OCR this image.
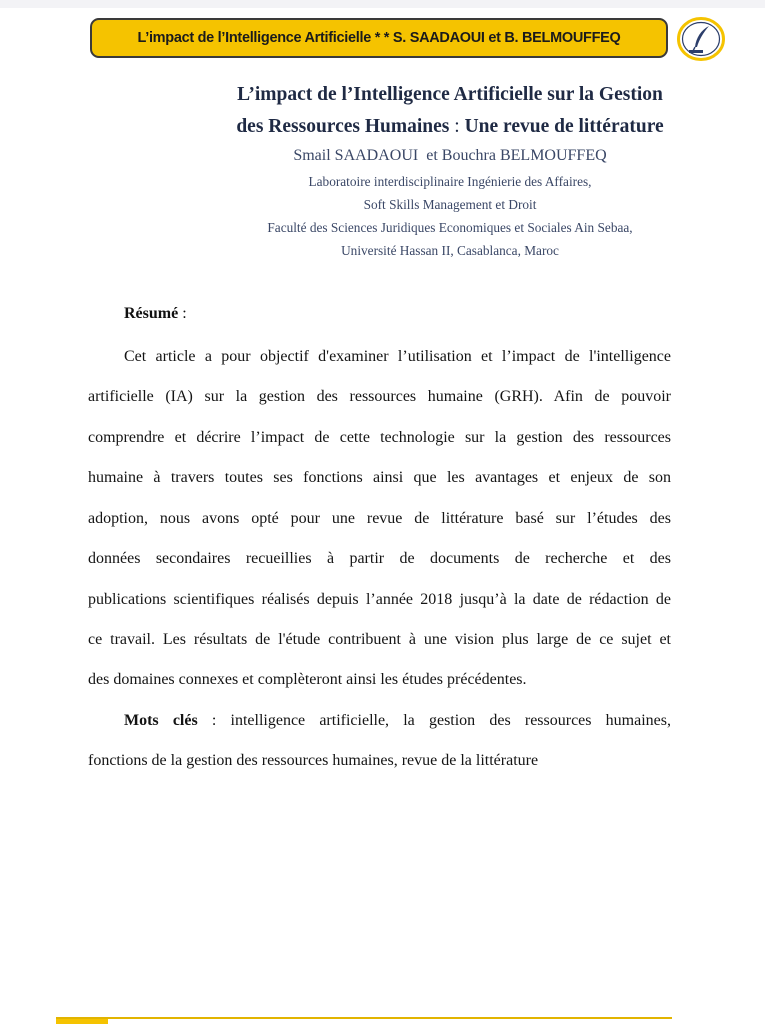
L’impact de l’Intelligence Artificielle * * S. SAADAOUI et B. BELMOUFFEQ
L’impact de l’Intelligence Artificielle sur la Gestion
des Ressources Humaines : Une revue de littérature
Smail SAADAOUI  et Bouchra BELMOUFFEQ
Laboratoire interdisciplinaire Ingénierie des Affaires,
Soft Skills Management et Droit
Faculté des Sciences Juridiques Economiques et Sociales Ain Sebaa,
Université Hassan II, Casablanca, Maroc
Résumé :
Cet article a pour objectif d'examiner l’utilisation et l’impact de l'intelligence
artificielle (IA) sur la gestion des ressources humaine (GRH). Afin de pouvoir
comprendre et décrire l’impact de cette technologie sur la gestion des ressources
humaine à travers toutes ses fonctions ainsi que les avantages et enjeux de son
adoption, nous avons opté pour une revue de littérature basé sur l’études des
données secondaires recueillies à partir de documents de recherche et des
publications scientifiques réalisés depuis l’année 2018 jusqu’à la date de rédaction de
ce travail. Les résultats de l'étude contribuent à une vision plus large de ce sujet et
des domaines connexes et complèteront ainsi les études précédentes.
Mots clés : intelligence artificielle, la gestion des ressources humaines,
fonctions de la gestion des ressources humaines, revue de la littérature
